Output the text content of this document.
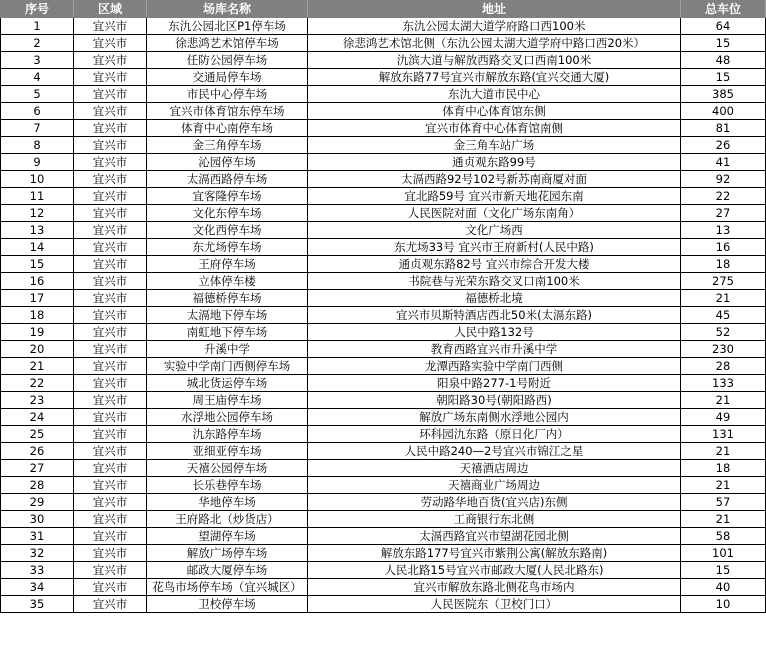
序号	区域	场库名称	地址	总车位
1	宜兴市	东氿公园北区P1停车场	东氿公园太湖大道学府路口西100米	64
2	宜兴市	徐悲鸿艺术馆停车场	徐悲鸿艺术馆北侧（东氿公园太湖大道学府中路口西20米）	15
3	宜兴市	任防公园停车场	氿滨大道与解放西路交叉口西南100米	48
4	宜兴市	交通局停车场	解放东路77号宜兴市解放东路(宜兴交通大厦)	15
5	宜兴市	市民中心停车场	东氿大道市民中心	385
6	宜兴市	宜兴市体育馆东停车场	体育中心体育馆东侧	400
7	宜兴市	体育中心南停车场	宜兴市体育中心体育馆南侧	81
8	宜兴市	金三角停车场	金三角车站广场	26
9	宜兴市	沁园停车场	通贞观东路99号	41
10	宜兴市	太滆西路停车场	太滆西路92号102号新苏南商厦对面	92
11	宜兴市	宜客隆停车场	宜北路59号 宜兴市新天地花园东南	22
12	宜兴市	文化东停车场	人民医院对面（文化广场东南角）	27
13	宜兴市	文化西停车场	文化广场西	13
14	宜兴市	东尤场停车场	东尤场33号 宜兴市王府新村(人民中路)	16
15	宜兴市	王府停车场	通贞观东路82号 宜兴市综合开发大楼	18
16	宜兴市	立体停车楼	书院巷与光荣东路交叉口南100米	275
17	宜兴市	福德桥停车场	福德桥北境	21
18	宜兴市	太滆地下停车场	宜兴市贝斯特酒店西北50米(太滆东路)	45
19	宜兴市	南虹地下停车场	人民中路132号	52
20	宜兴市	升溪中学	教育西路宜兴市升溪中学	230
21	宜兴市	实验中学南门西侧停车场	龙潭西路实验中学南门西侧	28
22	宜兴市	城北货运停车场	阳泉中路277-1号附近	133
23	宜兴市	周王庙停车场	朝阳路30号(朝阳路西)	21
24	宜兴市	水浮地公园停车场	解放广场东南侧水浮地公园内	49
25	宜兴市	氿东路停车场	环科园氿东路（原日化厂内）	131
26	宜兴市	亚细亚停车场	人民中路240—2号宜兴市锦江之星	21
27	宜兴市	天禧公园停车场	天禧酒店周边	18
28	宜兴市	长乐巷停车场	天禧商业广场周边	21
29	宜兴市	华地停车场	劳动路华地百货(宜兴店)东侧	57
30	宜兴市	王府路北（炒货店）	工商银行东北侧	21
31	宜兴市	望湖停车场	太滆西路宜兴市望湖花园北侧	58
32	宜兴市	解放广场停车场	解放东路177号宜兴市紫荆公寓(解放东路南)	101
33	宜兴市	邮政大厦停车场	人民北路15号宜兴市邮政大厦(人民北路东)	15
34	宜兴市	花鸟市场停车场（宜兴城区）	宜兴市解放东路北侧花鸟市场内	40
35	宜兴市	卫校停车场	人民医院东（卫校门口）	10
